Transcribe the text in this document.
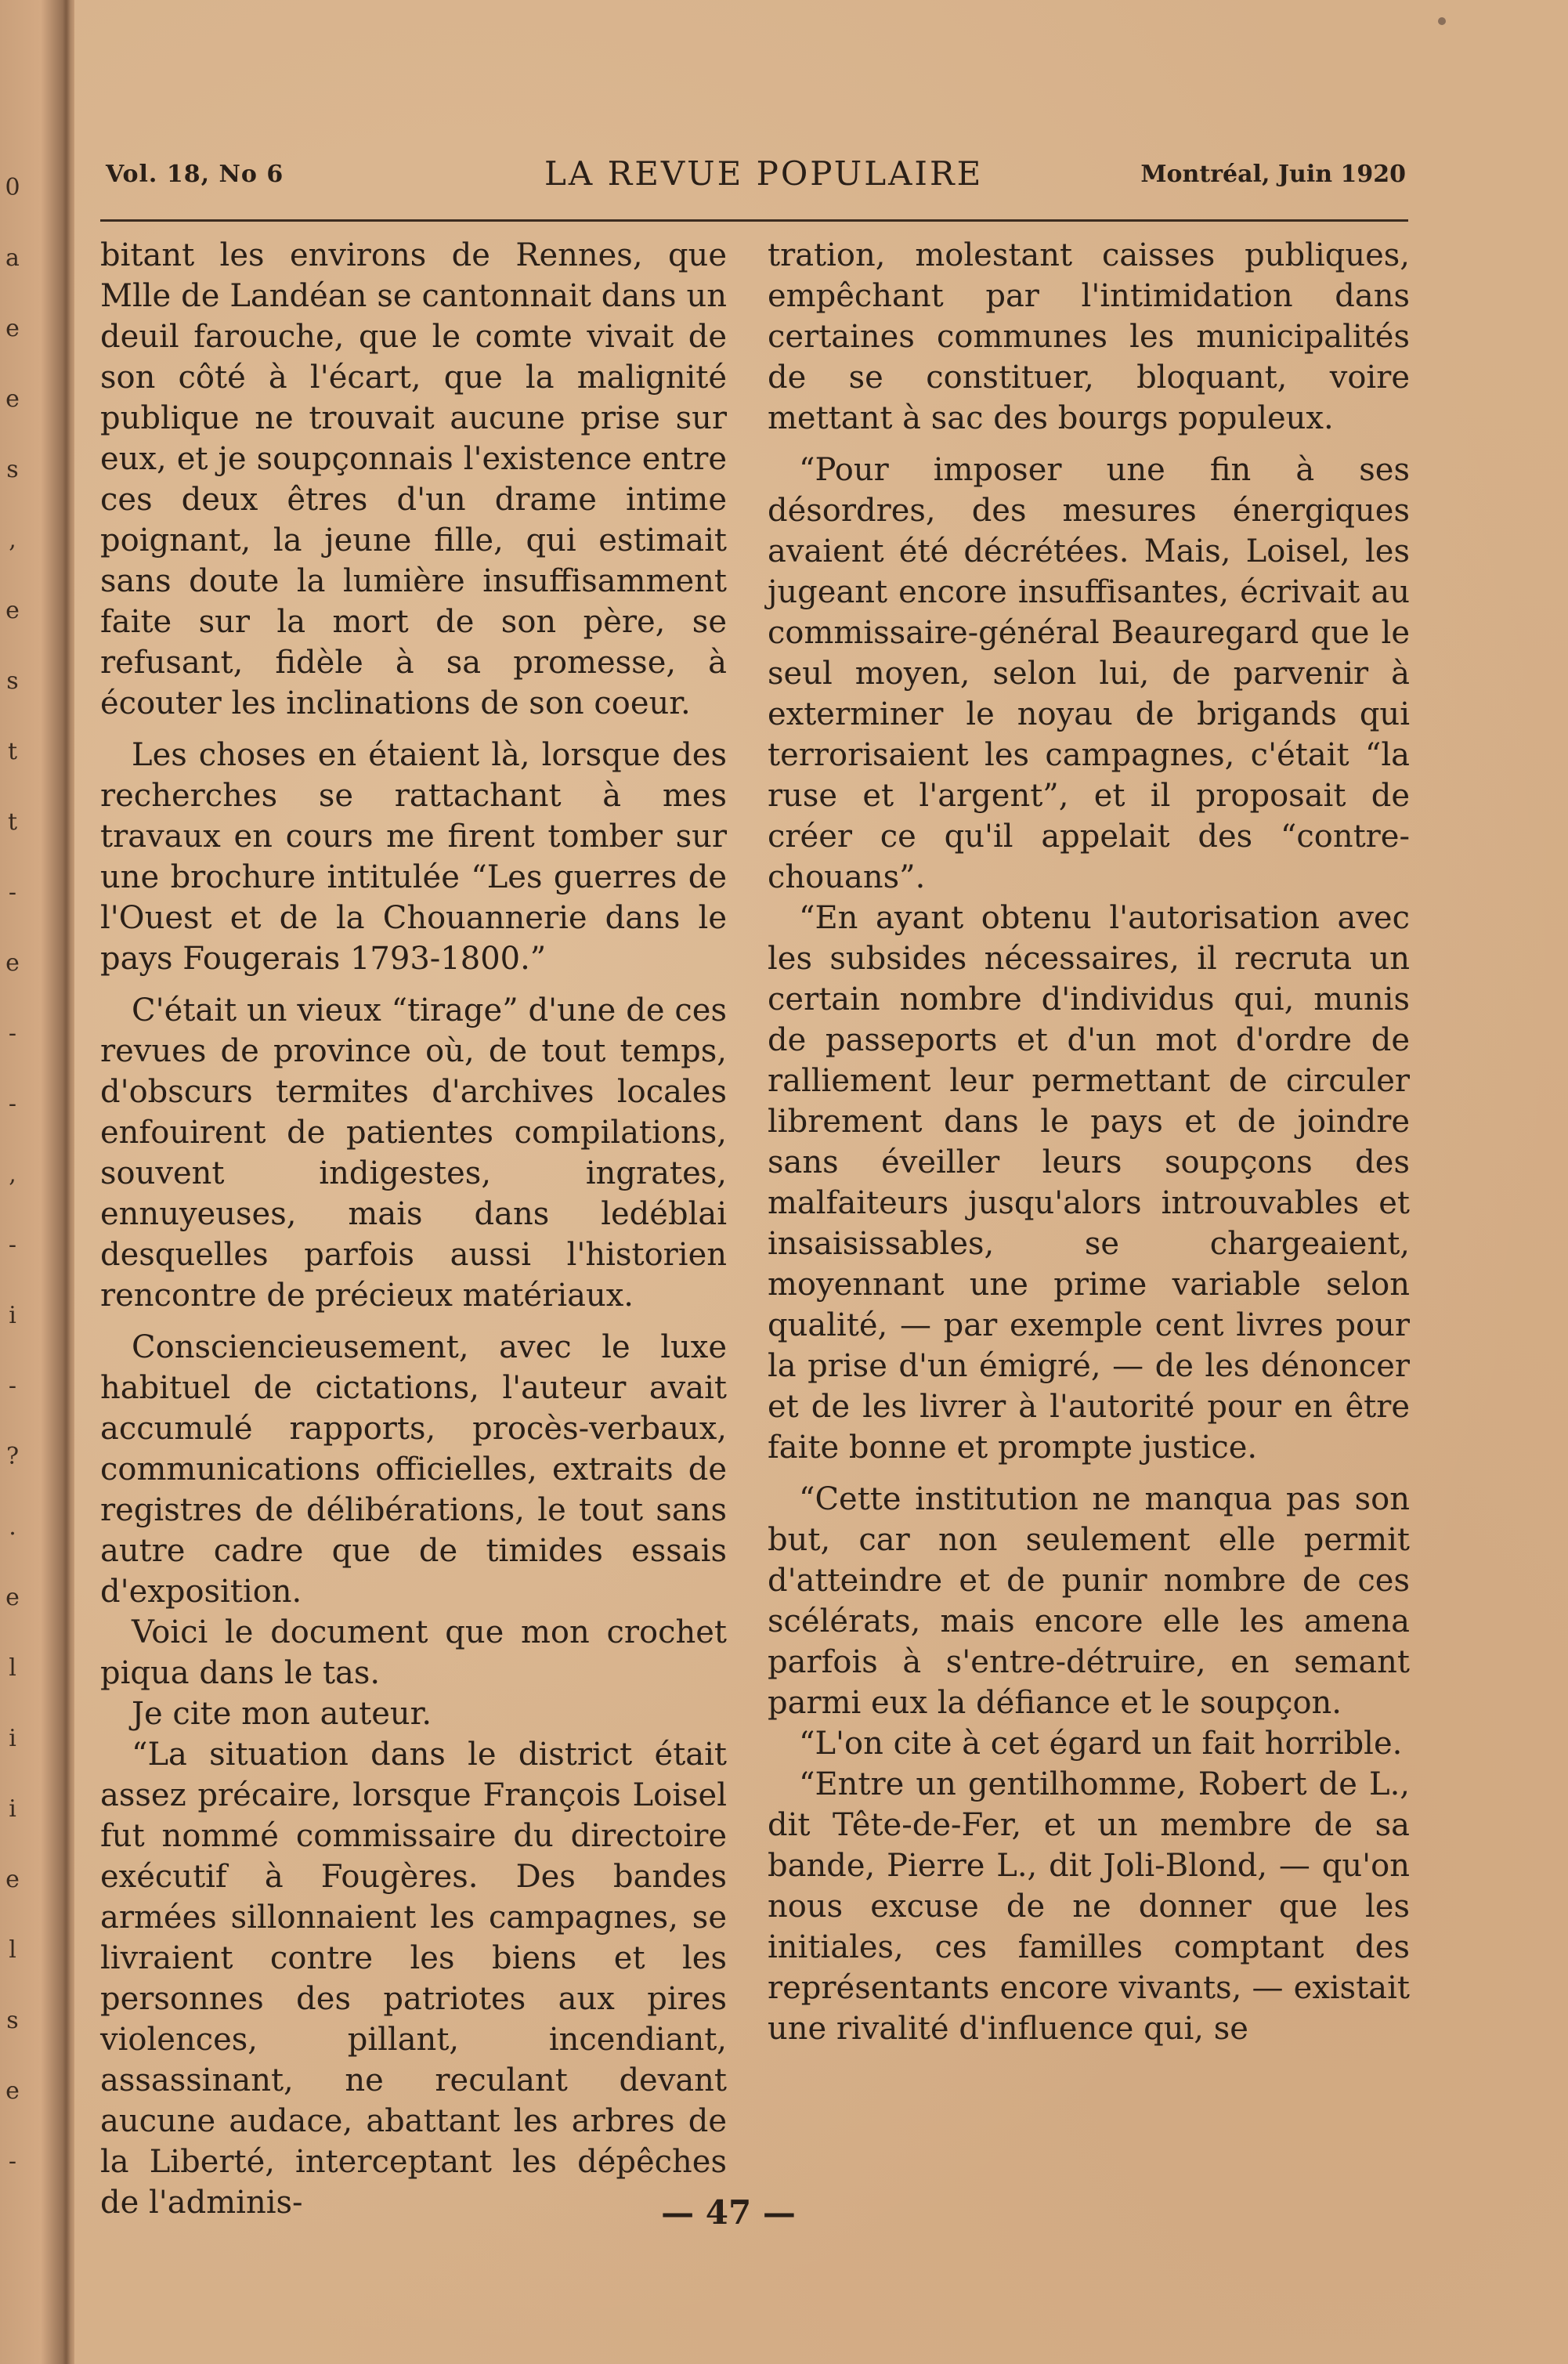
0
a
e
e
s
,
e
s
t
t
-
e
-
-
,
-
i
-
?
.
e
l
i
i
e
l
s
e
-
Vol. 18, No 6	LA REVUE POPULAIRE	Montréal, Juin 1920

bitant les environs de Rennes, que Mlle de Landéan se cantonnait dans un deuil farouche, que le comte vivait de son côté à l'écart, que la malignité publique ne trouvait aucune prise sur eux, et je soupçonnais l'existence entre ces deux êtres d'un drame intime poignant, la jeune fille, qui estimait sans doute la lumière insuffisamment faite sur la mort de son père, se refusant, fidèle à sa promesse, à écouter les inclinations de son coeur.

Les choses en étaient là, lorsque des recherches se rattachant à mes travaux en cours me firent tomber sur une brochure intitulée “Les guerres de l'Ouest et de la Chouannerie dans le pays Fougerais 1793-1800.”

C'était un vieux “tirage” d'une de ces revues de province où, de tout temps, d'obscurs termites d'archives locales enfouirent de patientes compilations, souvent indigestes, ingrates, ennuyeuses, mais dans ledéblai desquelles parfois aussi l'historien rencontre de précieux matériaux.

Consciencieusement, avec le luxe habituel de cictations, l'auteur avait accumulé rapports, procès-verbaux, communications officielles, extraits de registres de délibérations, le tout sans autre cadre que de timides essais d'exposition.

Voici le document que mon crochet piqua dans le tas.

Je cite mon auteur.

“La situation dans le district était assez précaire, lorsque François Loisel fut nommé commissaire du directoire exécutif à Fougères. Des bandes armées sillonnaient les campagnes, se livraient contre les biens et les personnes des patriotes aux pires violences, pillant, incendiant, assassinant, ne reculant devant aucune audace, abattant les arbres de la Liberté, interceptant les dépêches de l'adminis-

tration, molestant caisses publiques, empêchant par l'intimidation dans certaines communes les municipalités de se constituer, bloquant, voire mettant à sac des bourgs populeux.

“Pour imposer une fin à ses désordres, des mesures énergiques avaient été décrétées. Mais, Loisel, les jugeant encore insuffisantes, écrivait au commissaire-général Beauregard que le seul moyen, selon lui, de parvenir à exterminer le noyau de brigands qui terrorisaient les campagnes, c'était “la ruse et l'argent”, et il proposait de créer ce qu'il appelait des “contre-chouans”.

“En ayant obtenu l'autorisation avec les subsides nécessaires, il recruta un certain nombre d'individus qui, munis de passeports et d'un mot d'ordre de ralliement leur permettant de circuler librement dans le pays et de joindre sans éveiller leurs soupçons des malfaiteurs jusqu'alors introuvables et insaisissables, se chargeaient, moyennant une prime variable selon qualité, — par exemple cent livres pour la prise d'un émigré, — de les dénoncer et de les livrer à l'autorité pour en être faite bonne et prompte justice.

“Cette institution ne manqua pas son but, car non seulement elle permit d'atteindre et de punir nombre de ces scélérats, mais encore elle les amena parfois à s'entre-détruire, en semant parmi eux la défiance et le soupçon.

“L'on cite à cet égard un fait horrible.

“Entre un gentilhomme, Robert de L., dit Tête-de-Fer, et un membre de sa bande, Pierre L., dit Joli-Blond, — qu'on nous excuse de ne donner que les initiales, ces familles comptant des représentants encore vivants, — existait une rivalité d'influence qui, se

— 47 —
